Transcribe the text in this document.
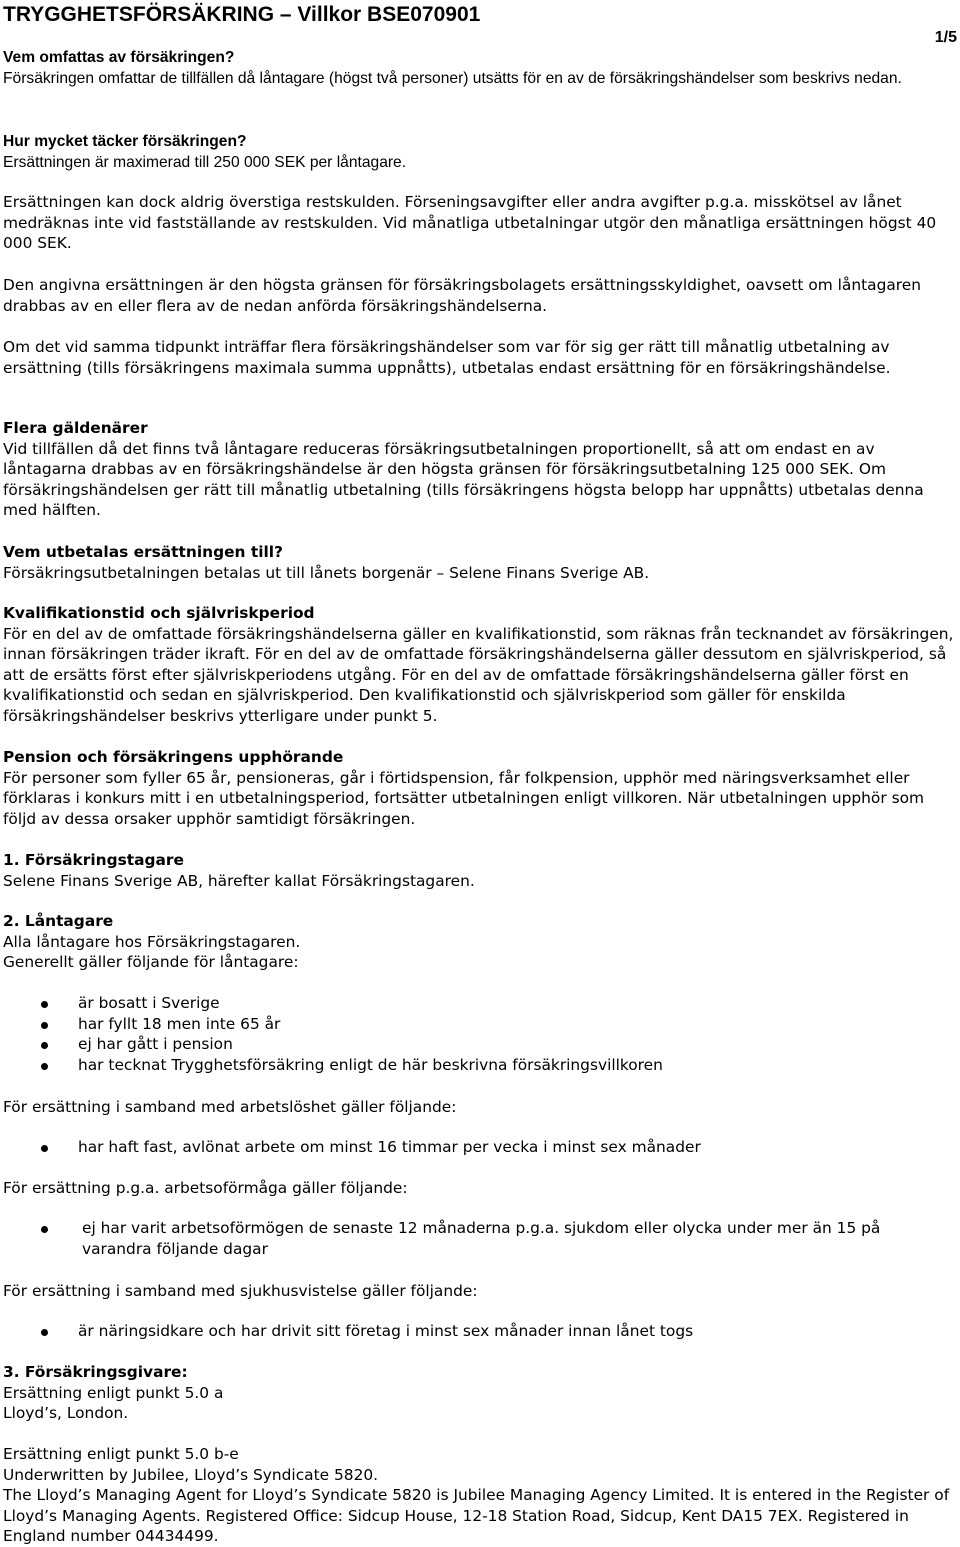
TRYGGHETSFÖRSÄKRING – Villkor BSE070901
1/5
Vem omfattas av försäkringen?
Försäkringen omfattar de tillfällen då låntagare (högst två personer) utsätts för en av de försäkringshändelser som beskrivs nedan.
Hur mycket täcker försäkringen?
Ersättningen är maximerad till 250 000 SEK per låntagare.

Ersättningen kan dock aldrig överstiga restskulden. Förseningsavgifter eller andra avgifter p.g.a. misskötsel av lånet medräknas inte vid fastställande av restskulden. Vid månatliga utbetalningar utgör den månatliga ersättningen högst 40 000 SEK.

Den angivna ersättningen är den högsta gränsen för försäkringsbolagets ersättningsskyldighet, oavsett om låntagaren drabbas av en eller flera av de nedan anförda försäkringshändelserna.

Om det vid samma tidpunkt inträffar flera försäkringshändelser som var för sig ger rätt till månatlig utbetalning av ersättning (tills försäkringens maximala summa uppnåtts), utbetalas endast ersättning för en försäkringshändelse.

Flera gäldenärer
Vid tillfällen då det finns två låntagare reduceras försäkringsutbetalningen proportionellt, så att om endast en av låntagarna drabbas av en försäkringshändelse är den högsta gränsen för försäkringsutbetalning 125 000 SEK. Om försäkringshändelsen ger rätt till månatlig utbetalning (tills försäkringens högsta belopp har uppnåtts) utbetalas denna med hälften.
Vem utbetalas ersättningen till?
Försäkringsutbetalningen betalas ut till lånets borgenär – Selene Finans Sverige AB.
Kvalifikationstid och självriskperiod
För en del av de omfattade försäkringshändelserna gäller en kvalifikationstid, som räknas från tecknandet av försäkringen, innan försäkringen träder ikraft. För en del av de omfattade försäkringshändelserna gäller dessutom en självriskperiod, så att de ersätts först efter självriskperiodens utgång. För en del av de omfattade försäkringshändelserna gäller först en kvalifikationstid och sedan en självriskperiod. Den kvalifikationstid och självriskperiod som gäller för enskilda försäkringshändelser beskrivs ytterligare under punkt 5.
Pension och försäkringens upphörande
För personer som fyller 65 år, pensioneras, går i förtidspension, får folkpension, upphör med näringsverksamhet eller förklaras i konkurs mitt i en utbetalningsperiod, fortsätter utbetalningen enligt villkoren. När utbetalningen upphör som följd av dessa orsaker upphör samtidigt försäkringen.
1. Försäkringstagare
Selene Finans Sverige AB, härefter kallat Försäkringstagaren.
2. Låntagare
Alla låntagare hos Försäkringstagaren.
Generellt gäller följande för låntagare:
är bosatt i Sverige
har fyllt 18 men inte 65 år
ej har gått i pension
har tecknat Trygghetsförsäkring enligt de här beskrivna försäkringsvillkoren

För ersättning i samband med arbetslöshet gäller följande:

har haft fast, avlönat arbete om minst 16 timmar per vecka i minst sex månader

För ersättning p.g.a. arbetsoförmåga gäller följande:

ej har varit arbetsoförmögen de senaste 12 månaderna p.g.a. sjukdom eller olycka under mer än 15 på varandra följande dagar

För ersättning i samband med sjukhusvistelse gäller följande:

är näringsidkare och har drivit sitt företag i minst sex månader innan lånet togs
3. Försäkringsgivare:
Ersättning enligt punkt 5.0 a
Lloyd’s, London.
Ersättning enligt punkt 5.0 b-e
Underwritten by Jubilee, Lloyd’s Syndicate 5820.
The Lloyd’s Managing Agent for Lloyd’s Syndicate 5820 is Jubilee Managing Agency Limited. It is entered in the Register of Lloyd’s Managing Agents. Registered Office: Sidcup House, 12-18 Station Road, Sidcup, Kent DA15 7EX. Registered in England number 04434499.
